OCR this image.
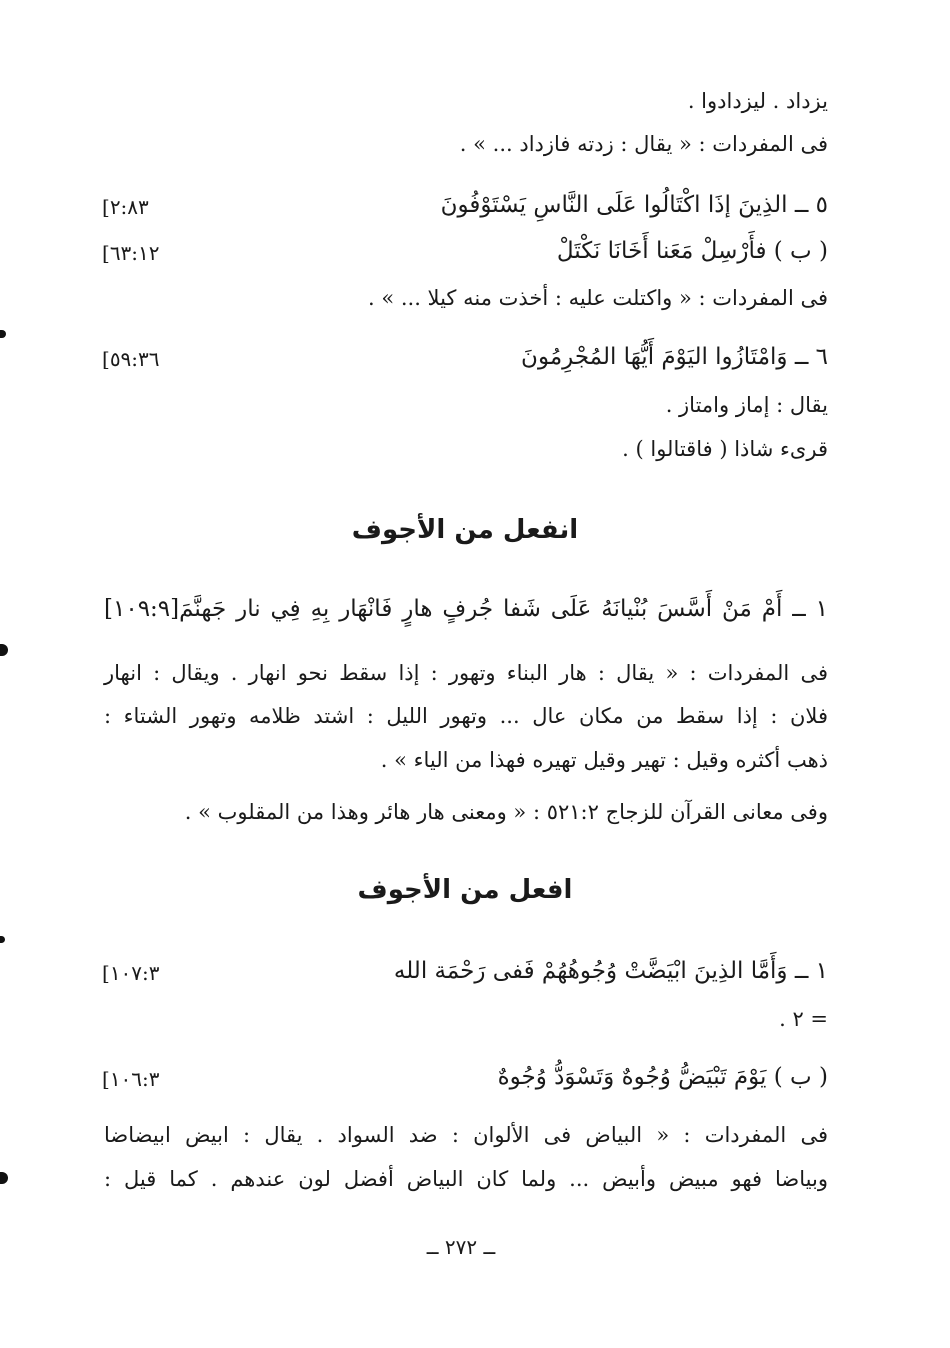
يزداد . ليزدادوا .
فى المفردات : « يقال : زدته فازداد ... » .
٥ ــ الذِينَ إذَا اكْتَالُوا عَلَى النَّاسِ يَسْتَوْفُونَ
[٢:٨٣
( ب ) فأَرْسِلْ مَعَنا أَخَانَا نَكْتَلْ
[٦٣:١٢
فى المفردات : « واكتلت عليه : أخذت منه كيلا ... » .
٦ ــ وَامْتَازُوا اليَوْمَ أَيُّهَا المُجْرِمُونَ
[٥٩:٣٦
يقال : إماز وامتاز .
قرىء شاذا ( فاقتالوا ) .
انفعل من الأجوف
١ ــ أَمْ مَنْ أَسَّسَ بُنْيانَهُ عَلَى شَفا جُرفٍ هارٍ فَانْهَار بِهِ فِي نار جَهنَّمَ[١٠٩:٩]
فى المفردات : « يقال : هار البناء وتهور : إذا سقط نحو انهار . ويقال : انهار
فلان : إذا سقط من مكان عال ... وتهور الليل : اشتد ظلامه وتهور الشتاء :
ذهب أكثره وقيل : تهير وقيل تهيره فهذا من الياء » .
وفى معانى القرآن للزجاج ٥٢١:٢ : « ومعنى هار هائر وهذا من المقلوب » .
افعل من الأجوف
١ ــ وَأَمَّا الذِينَ ابْيَضَّتْ وُجُوهُهُمْ فَفى رَحْمَة الله
[١٠٧:٣
= ٢ .
( ب ) يَوْمَ تَبْيَضُّ وُجُوهٌ وَتَسْوَدُّ وُجُوهٌ
[١٠٦:٣
فى المفردات : « البياض فى الألوان : ضد السواد . يقال : ابيض ابيضاضا
وبياضا فهو مبيض وأبيض ... ولما كان البياض أفضل لون عندهم . كما قيل :
ــ ٢٧٢ ــ
